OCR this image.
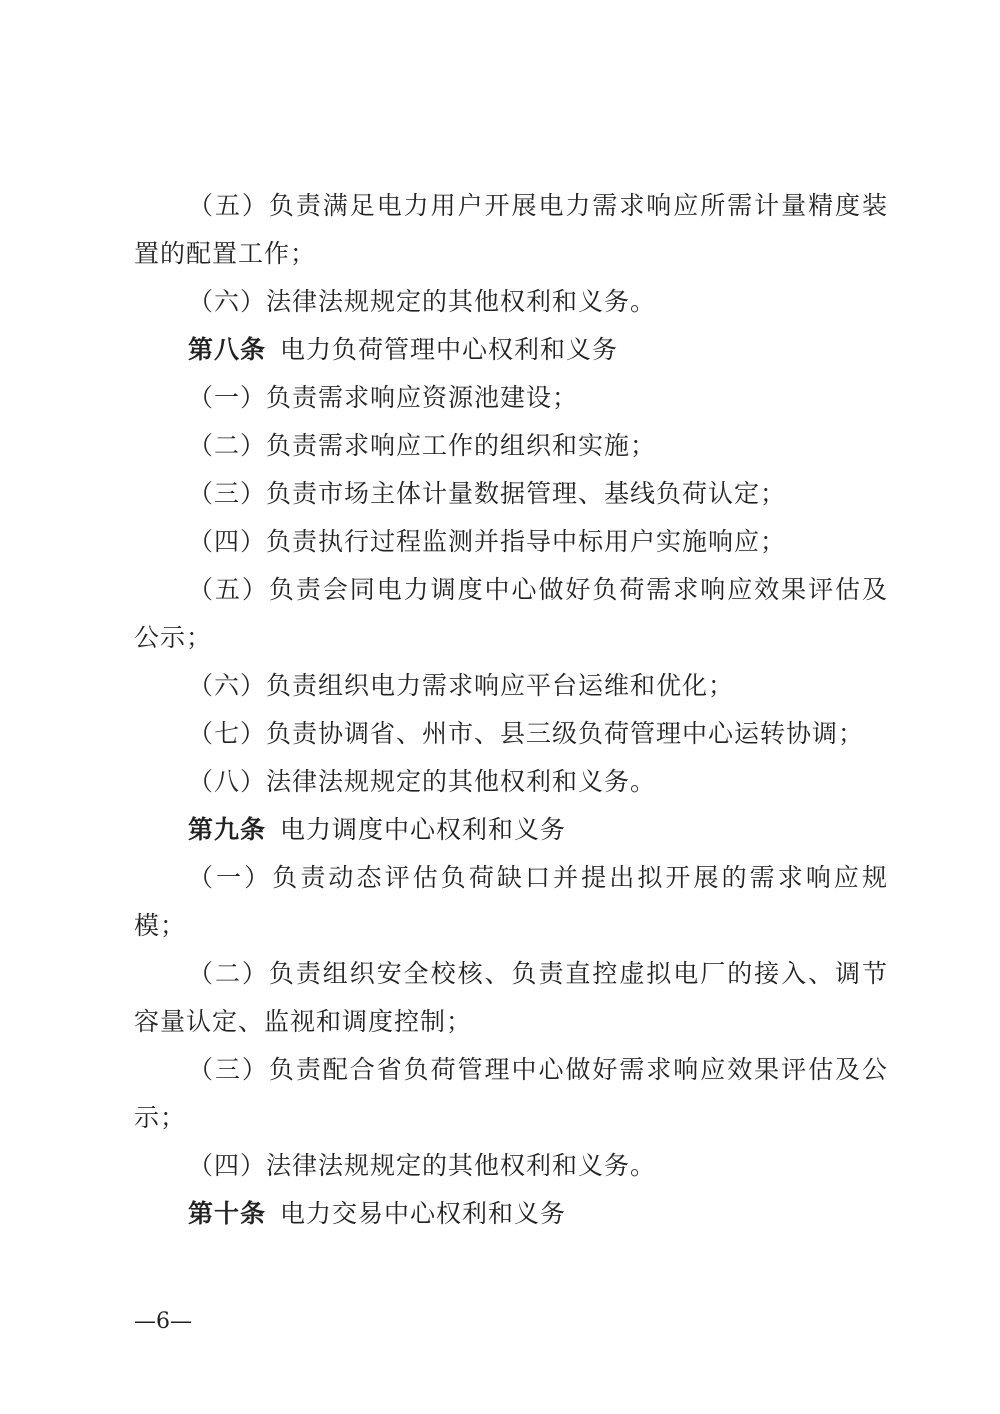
（五）负责满足电力用户开展电力需求响应所需计量精度装
置的配置工作；
（六）法律法规规定的其他权利和义务。
第八条 电力负荷管理中心权利和义务
（一）负责需求响应资源池建设；
（二）负责需求响应工作的组织和实施；
（三）负责市场主体计量数据管理、基线负荷认定；
（四）负责执行过程监测并指导中标用户实施响应；
（五）负责会同电力调度中心做好负荷需求响应效果评估及
公示；
（六）负责组织电力需求响应平台运维和优化；
（七）负责协调省、州市、县三级负荷管理中心运转协调；
（八）法律法规规定的其他权利和义务。
第九条 电力调度中心权利和义务
（一）负责动态评估负荷缺口并提出拟开展的需求响应规
模；
（二）负责组织安全校核、负责直控虚拟电厂的接入、调节
容量认定、监视和调度控制；
（三）负责配合省负荷管理中心做好需求响应效果评估及公
示；
（四）法律法规规定的其他权利和义务。
第十条 电力交易中心权利和义务
—6—
